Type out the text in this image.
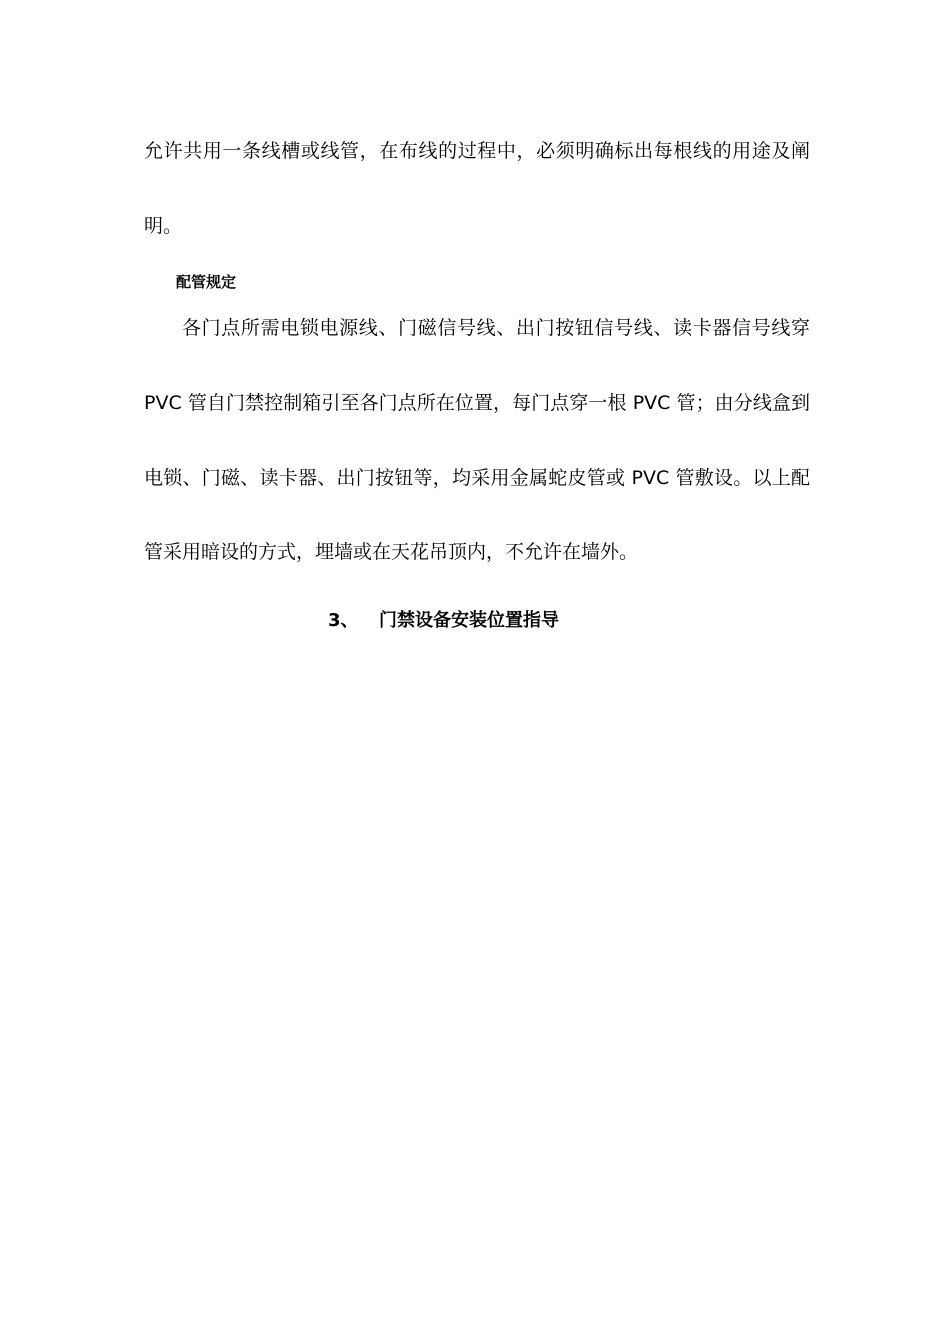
允许共用一条线槽或线管，在布线的过程中，必须明确标出每根线的用途及阐
明。
配管规定
各门点所需电锁电源线、门磁信号线、出门按钮信号线、读卡器信号线穿
PVC 管自门禁控制箱引至各门点所在位置，每门点穿一根 PVC 管；由分线盒到
电锁、门磁、读卡器、出门按钮等，均采用金属蛇皮管或 PVC 管敷设。以上配
管采用暗设的方式，埋墙或在天花吊顶内，不允许在墙外。
3、 门禁设备安装位置指导
